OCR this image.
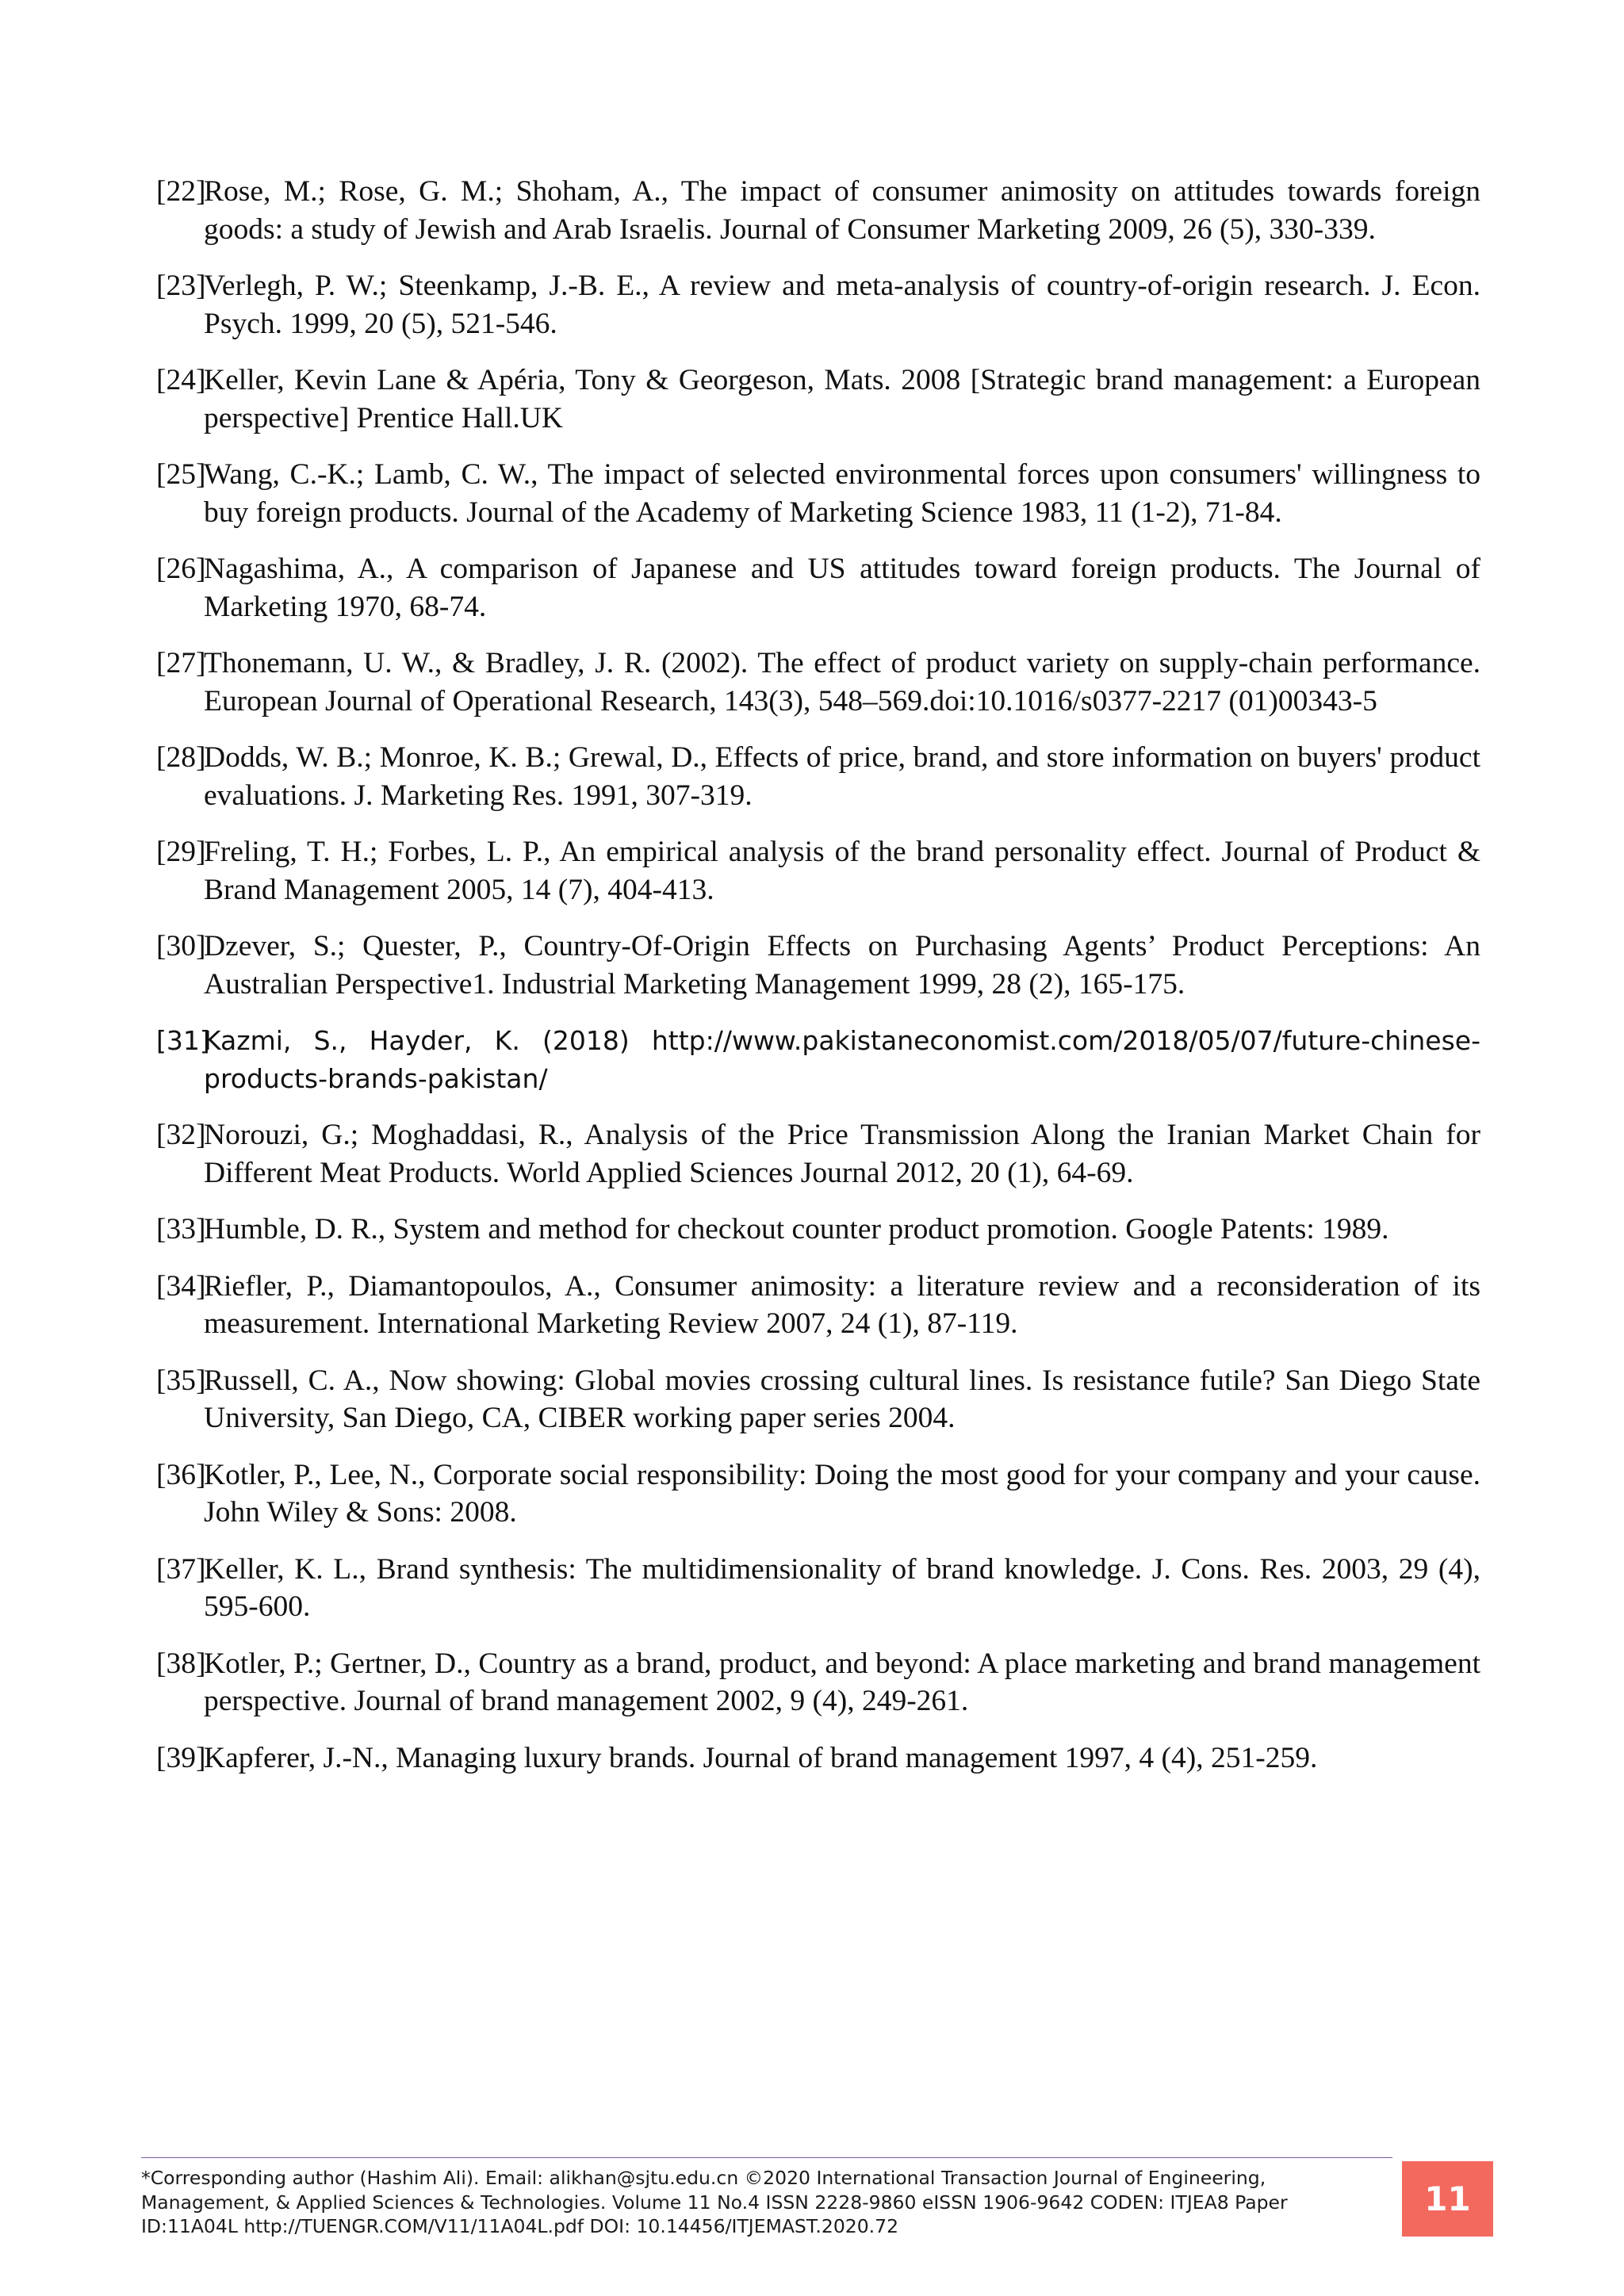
[22]Rose, M.; Rose, G. M.; Shoham, A., The impact of consumer animosity on attitudes towards foreign goods: a study of Jewish and Arab Israelis. Journal of Consumer Marketing 2009, 26 (5), 330-339.
[23]Verlegh, P. W.; Steenkamp, J.-B. E., A review and meta-analysis of country-of-origin research. J. Econ. Psych. 1999, 20 (5), 521-546.
[24]Keller, Kevin Lane & Apéria, Tony & Georgeson, Mats. 2008 [Strategic brand management: a European perspective] Prentice Hall.UK
[25]Wang, C.-K.; Lamb, C. W., The impact of selected environmental forces upon consumers' willingness to buy foreign products. Journal of the Academy of Marketing Science 1983, 11 (1-2), 71-84.
[26]Nagashima, A., A comparison of Japanese and US attitudes toward foreign products. The Journal of Marketing 1970, 68-74.
[27]Thonemann, U. W., & Bradley, J. R. (2002). The effect of product variety on supply-chain performance. European Journal of Operational Research, 143(3), 548–569.doi:10.1016/s0377-2217 (01)00343-5
[28]Dodds, W. B.; Monroe, K. B.; Grewal, D., Effects of price, brand, and store information on buyers' product evaluations. J. Marketing Res. 1991, 307-319.
[29]Freling, T. H.; Forbes, L. P., An empirical analysis of the brand personality effect. Journal of Product & Brand Management 2005, 14 (7), 404-413.
[30]Dzever, S.; Quester, P., Country-Of-Origin Effects on Purchasing Agents’ Product Perceptions: An Australian Perspective1. Industrial Marketing Management 1999, 28 (2), 165-175.
[31]Kazmi, S., Hayder, K. (2018) http://www.pakistaneconomist.com/2018/05/07/future-chinese-products-brands-pakistan/
[32]Norouzi, G.; Moghaddasi, R., Analysis of the Price Transmission Along the Iranian Market Chain for Different Meat Products. World Applied Sciences Journal 2012, 20 (1), 64-69.
[33]Humble, D. R., System and method for checkout counter product promotion. Google Patents: 1989.
[34]Riefler, P., Diamantopoulos, A., Consumer animosity: a literature review and a reconsideration of its measurement. International Marketing Review 2007, 24 (1), 87-119.
[35]Russell, C. A., Now showing: Global movies crossing cultural lines. Is resistance futile? San Diego State University, San Diego, CA, CIBER working paper series 2004.
[36]Kotler, P., Lee, N., Corporate social responsibility: Doing the most good for your company and your cause. John Wiley & Sons: 2008.
[37]Keller, K. L., Brand synthesis: The multidimensionality of brand knowledge. J. Cons. Res. 2003, 29 (4), 595-600.
[38]Kotler, P.; Gertner, D., Country as a brand, product, and beyond: A place marketing and brand management perspective. Journal of brand management 2002, 9 (4), 249-261.
[39]Kapferer, J.-N., Managing luxury brands. Journal of brand management 1997, 4 (4), 251-259.
*Corresponding author (Hashim Ali). Email: alikhan@sjtu.edu.cn ©2020 International Transaction Journal of Engineering,
Management, & Applied Sciences & Technologies. Volume 11 No.4 ISSN 2228-9860 eISSN 1906-9642 CODEN: ITJEA8 Paper
ID:11A04L http://TUENGR.COM/V11/11A04L.pdf DOI: 10.14456/ITJEMAST.2020.72
11
